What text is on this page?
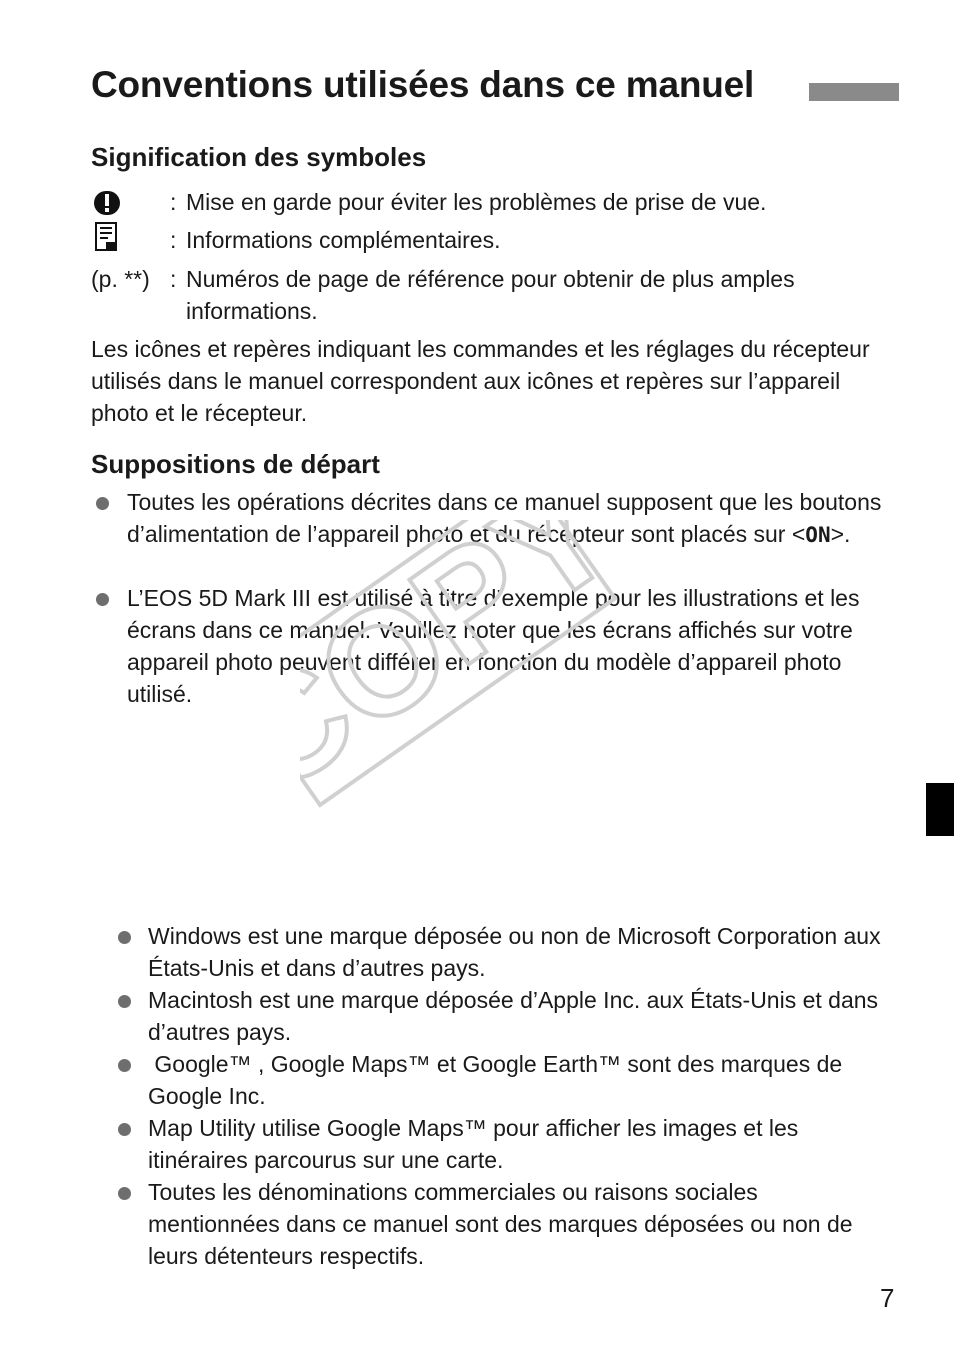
Conventions utilisées dans ce manuel
Signification des symboles
: Mise en garde pour éviter les problèmes de prise de vue.
: Informations complémentaires.
(p. **) : Numéros de page de référence pour obtenir de plus amples informations.
Les icônes et repères indiquant les commandes et les réglages du récepteur utilisés dans le manuel correspondent aux icônes et repères sur l’appareil photo et le récepteur.
Suppositions de départ
Toutes les opérations décrites dans ce manuel supposent que les boutons d’alimentation de l’appareil photo et du récepteur sont placés sur <ON>.
L’EOS 5D Mark III est utilisé à titre d’exemple pour les illustrations et les écrans dans ce manuel. Veuillez noter que les écrans affichés sur votre appareil photo peuvent différer en fonction du modèle d’appareil photo utilisé. COPY
Windows est une marque déposée ou non de Microsoft Corporation aux États-Unis et dans d’autres pays.
Macintosh est une marque déposée d’Apple Inc. aux États-Unis et dans d’autres pays.
Google™ , Google Maps™ et Google Earth™ sont des marques de Google Inc.
Map Utility utilise Google Maps™ pour afficher les images et les itinéraires parcourus sur une carte.
Toutes les dénominations commerciales ou raisons sociales mentionnées dans ce manuel sont des marques déposées ou non de leurs détenteurs respectifs.
7
